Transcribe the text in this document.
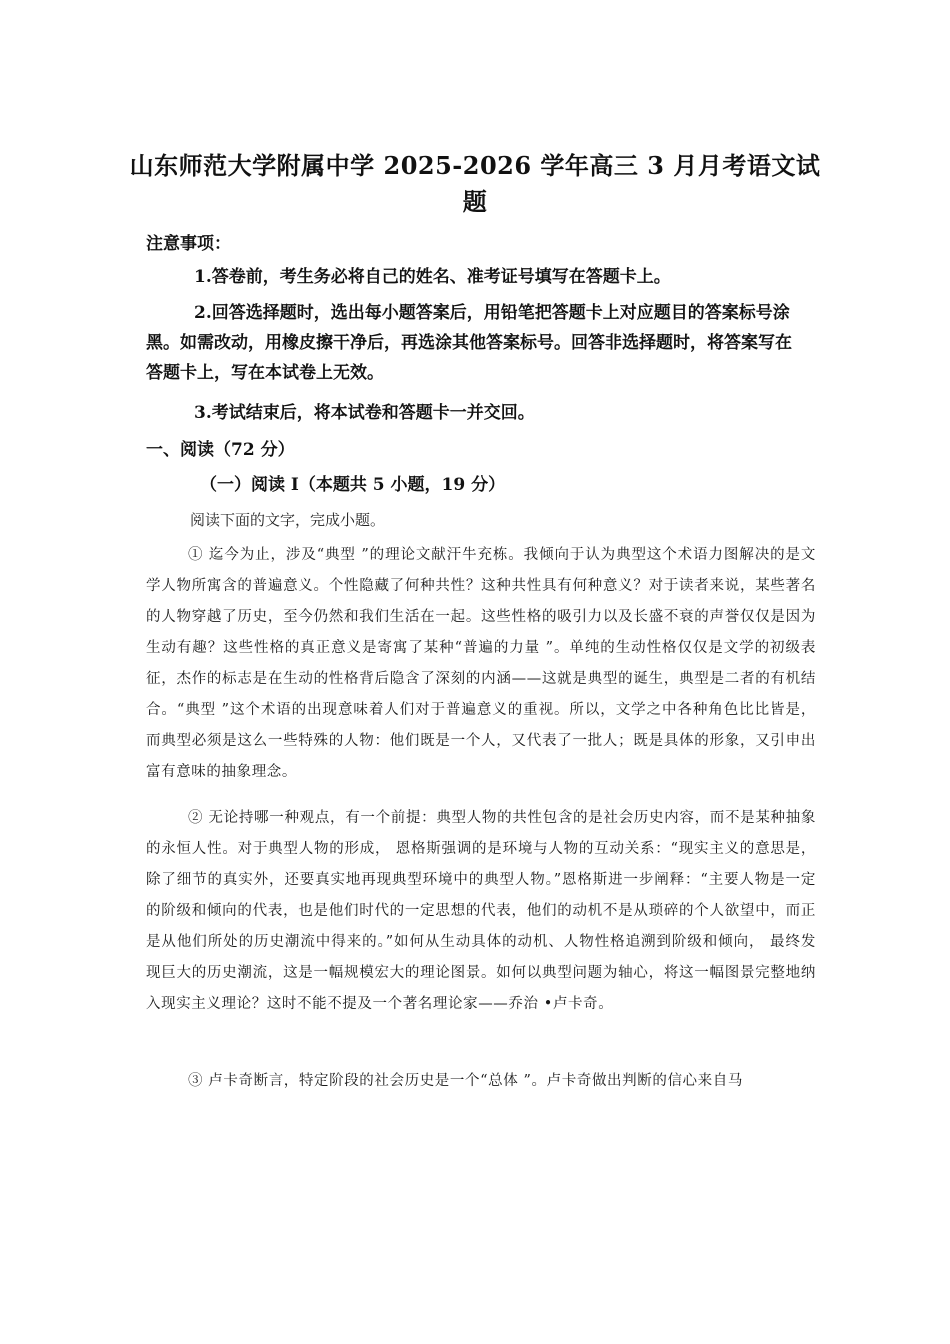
山东师范大学附属中学 2025-2026 学年高三 3 月月考语文试题
注意事项：
1.答卷前，考生务必将自己的姓名、准考证号填写在答题卡上。
2.回答选择题时，选出每小题答案后，用铅笔把答题卡上对应题目的答案标号涂黑。如需改动，用橡皮擦干净后，再选涂其他答案标号。回答非选择题时，将答案写在答题卡上，写在本试卷上无效。
3.考试结束后，将本试卷和答题卡一并交回。
一、阅读（72 分）
（一）阅读 I（本题共 5 小题，19 分）
阅读下面的文字，完成小题。
① 迄今为止，涉及“典型 ”的理论文献汗牛充栋。我倾向于认为典型这个术语力图解决的是文学人物所寓含的普遍意义。个性隐藏了何种共性？这种共性具有何种意义？对于读者来说，某些著名的人物穿越了历史，至今仍然和我们生活在一起。这些性格的吸引力以及长盛不衰的声誉仅仅是因为生动有趣？这些性格的真正意义是寄寓了某种“普遍的力量 ”。单纯的生动性格仅仅是文学的初级表征，杰作的标志是在生动的性格背后隐含了深刻的内涵——这就是典型的诞生，典型是二者的有机结合。“典型 ”这个术语的出现意味着人们对于普遍意义的重视。所以，文学之中各种角色比比皆是，而典型必须是这么一些特殊的人物：他们既是一个人，又代表了一批人；既是具体的形象，又引申出富有意味的抽象理念。
② 无论持哪一种观点，有一个前提：典型人物的共性包含的是社会历史内容，而不是某种抽象的永恒人性。对于典型人物的形成， 恩格斯强调的是环境与人物的互动关系：“现实主义的意思是，除了细节的真实外，还要真实地再现典型环境中的典型人物。”恩格斯进一步阐释：“主要人物是一定的阶级和倾向的代表，也是他们时代的一定思想的代表，他们的动机不是从琐碎的个人欲望中，而正是从他们所处的历史潮流中得来的。”如何从生动具体的动机、人物性格追溯到阶级和倾向， 最终发现巨大的历史潮流，这是一幅规模宏大的理论图景。如何以典型问题为轴心，将这一幅图景完整地纳入现实主义理论？这时不能不提及一个著名理论家——乔治 •卢卡奇。
③ 卢卡奇断言，特定阶段的社会历史是一个“总体 ”。卢卡奇做出判断的信心来自马
